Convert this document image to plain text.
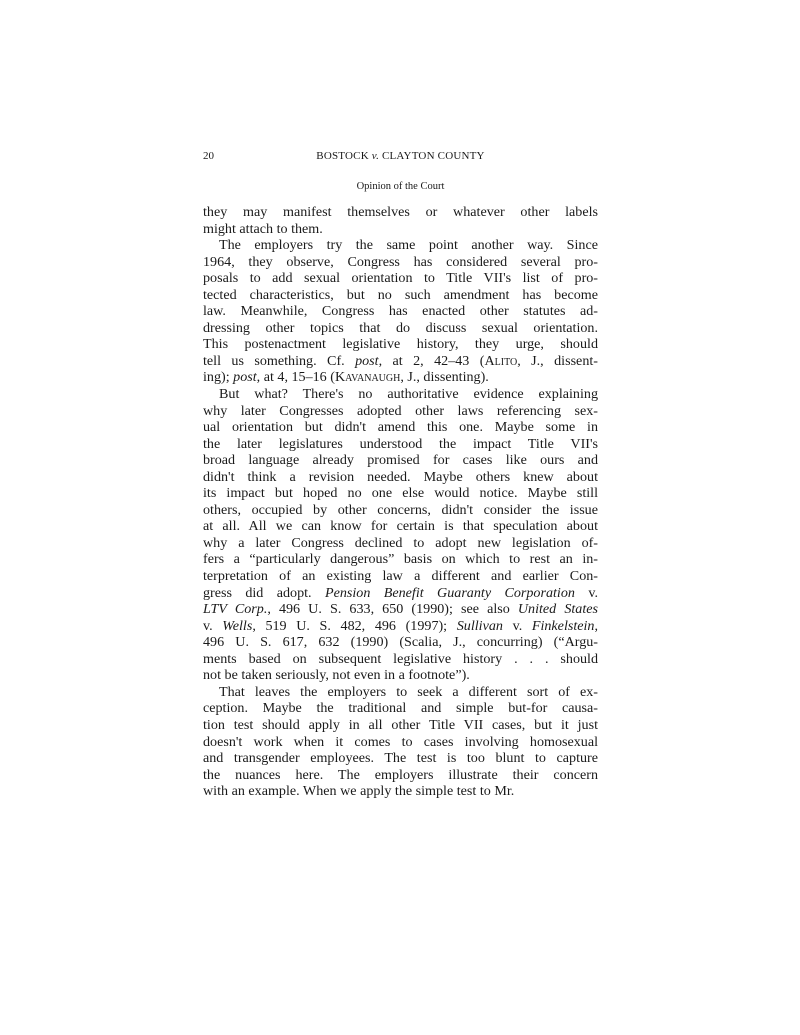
20	BOSTOCK v. CLAYTON COUNTY
Opinion of the Court

they may manifest themselves or whatever other labels
might attach to them.

The employers try the same point another way. Since
1964, they observe, Congress has considered several pro-
posals to add sexual orientation to Title VII's list of pro-
tected characteristics, but no such amendment has become
law. Meanwhile, Congress has enacted other statutes ad-
dressing other topics that do discuss sexual orientation.
This postenactment legislative history, they urge, should
tell us something. Cf. post, at 2, 42–43 (Alito, J., dissent-
ing); post, at 4, 15–16 (Kavanaugh, J., dissenting).

But what? There's no authoritative evidence explaining
why later Congresses adopted other laws referencing sex-
ual orientation but didn't amend this one. Maybe some in
the later legislatures understood the impact Title VII's
broad language already promised for cases like ours and
didn't think a revision needed. Maybe others knew about
its impact but hoped no one else would notice. Maybe still
others, occupied by other concerns, didn't consider the issue
at all. All we can know for certain is that speculation about
why a later Congress declined to adopt new legislation of-
fers a “particularly dangerous” basis on which to rest an in-
terpretation of an existing law a different and earlier Con-
gress did adopt. Pension Benefit Guaranty Corporation v.
LTV Corp., 496 U. S. 633, 650 (1990); see also United States
v. Wells, 519 U. S. 482, 496 (1997); Sullivan v. Finkelstein,
496 U. S. 617, 632 (1990) (Scalia, J., concurring) (“Argu-
ments based on subsequent legislative history . . . should
not be taken seriously, not even in a footnote”).

That leaves the employers to seek a different sort of ex-
ception. Maybe the traditional and simple but-for causa-
tion test should apply in all other Title VII cases, but it just
doesn't work when it comes to cases involving homosexual
and transgender employees. The test is too blunt to capture
the nuances here. The employers illustrate their concern
with an example. When we apply the simple test to Mr.
